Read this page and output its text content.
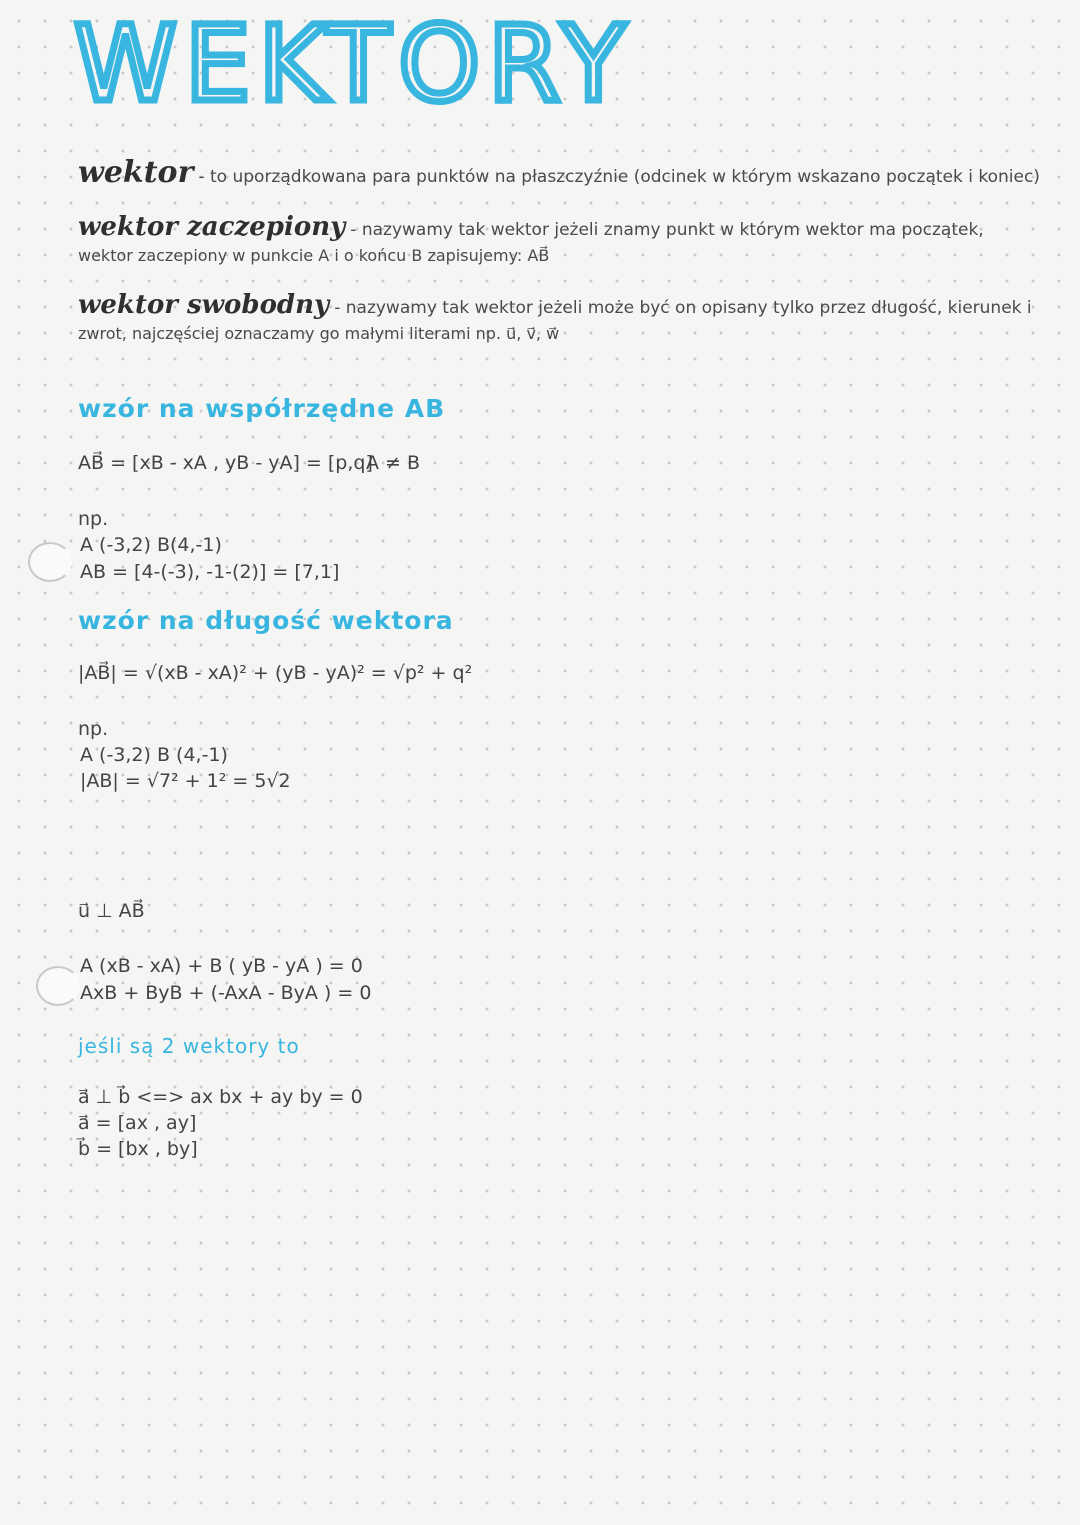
WEKTORY
wektor - to uporządkowana para punktów na płaszczyźnie (odcinek w którym wskazano początek i koniec)
wektor zaczepiony - nazywamy tak wektor jeżeli znamy punkt w którym wektor ma początek,
wektor zaczepiony w punkcie A i o końcu B zapisujemy: AB⃗
wektor swobodny - nazywamy tak wektor jeżeli może być on opisany tylko przez długość, kierunek i
zwrot, najczęściej oznaczamy go małymi literami np. u⃗, v⃗, w⃗
wzór na współrzędne AB
AB⃗ = [xB - xA , yB - yA] = [p,q]
A ≠ B
np.
A (-3,2) B(4,-1)
AB = [4-(-3), -1-(2)] = [7,1]
wzór na długość wektora
|AB⃗| = √(xB - xA)² + (yB - yA)² = √p² + q²
np.
A (-3,2) B (4,-1)
|AB| = √7² + 1² = 5√2
u⃗ ⊥ AB⃗
A (xB - xA) + B ( yB - yA ) = 0
AxB + ByB + (-AxA - ByA ) = 0
jeśli są 2 wektory to
a⃗ ⊥ b⃗ <=> ax bx + ay by = 0
a⃗ = [ax , ay]
b⃗ = [bx , by]
